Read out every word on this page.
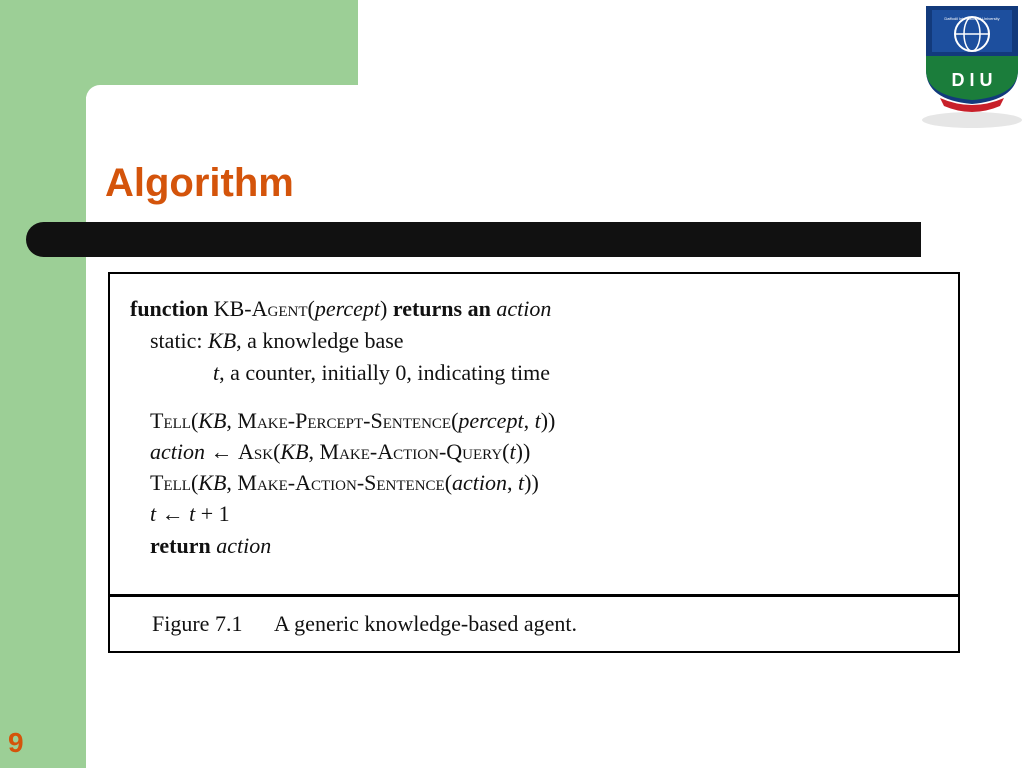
Algorithm
D I U
Daffodil International University
9
function KB-Agent(percept) returns an action
static: KB, a knowledge base
t, a counter, initially 0, indicating time
Tell(KB, Make-Percept-Sentence(percept, t))
action ← Ask(KB, Make-Action-Query(t))
Tell(KB, Make-Action-Sentence(action, t))
t ← t + 1
return action
Figure 7.1 A generic knowledge-based agent.
